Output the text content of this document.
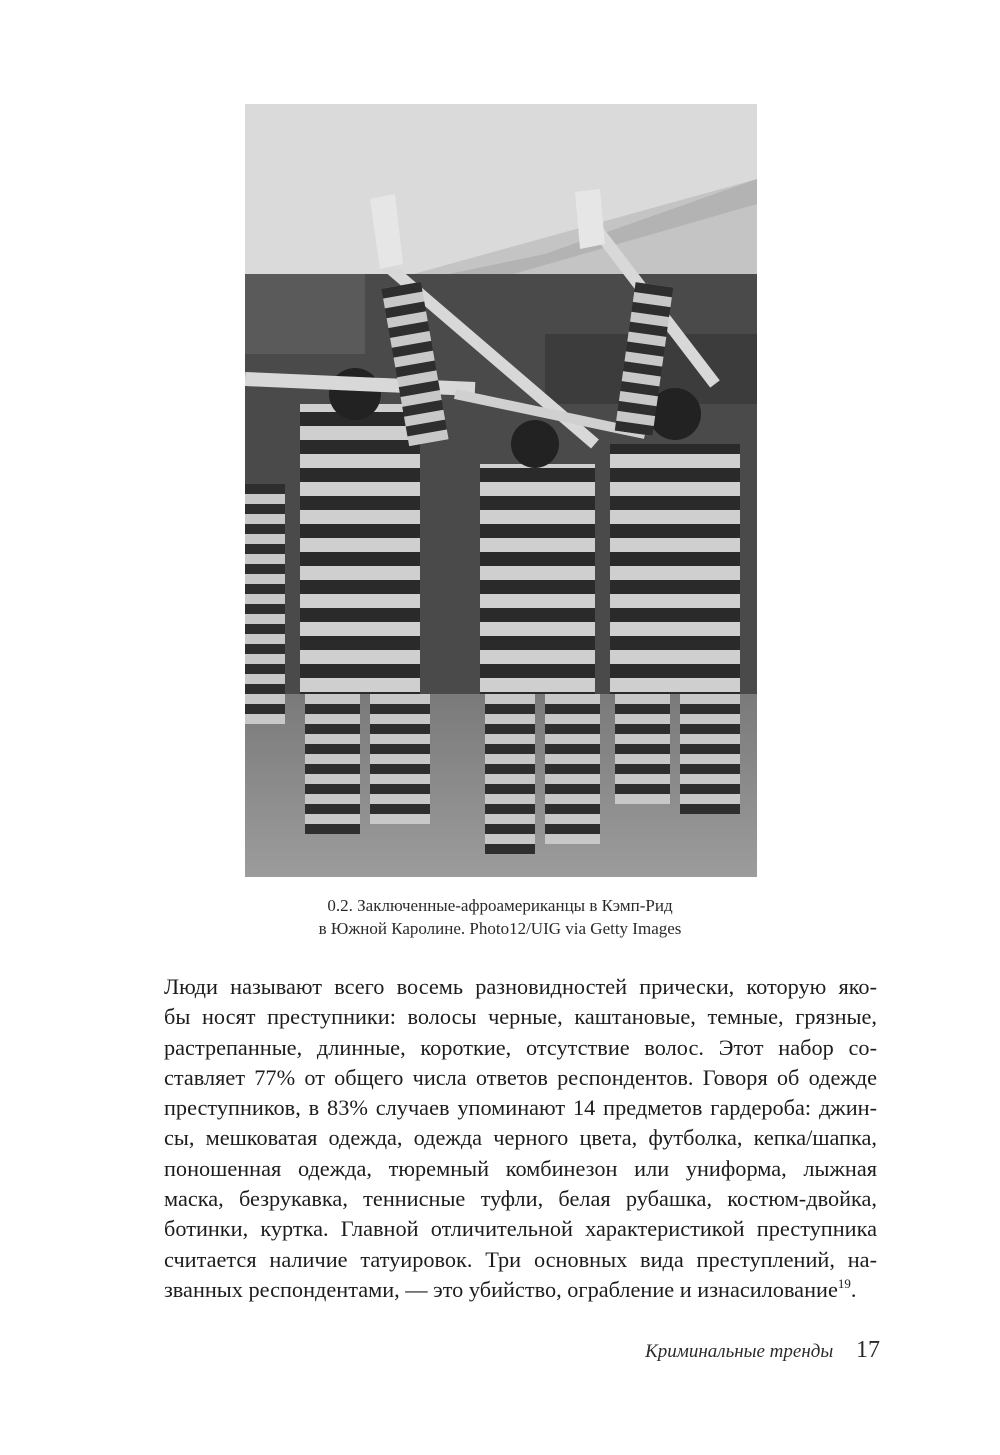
0.2. Заключенные-афроамериканцы в Кэмп-Рид
в Южной Каролине. Photo12/UIG via Getty Images
Люди называют всего восемь разновидностей прически, которую яко-
бы носят преступники: волосы черные, каштановые, темные, грязные,
растрепанные, длинные, короткие, отсутствие волос. Этот набор со-
ставляет 77% от общего числа ответов респондентов. Говоря об одежде
преступников, в 83% случаев упоминают 14 предметов гардероба: джин-
сы, мешковатая одежда, одежда черного цвета, футболка, кепка/шапка,
поношенная одежда, тюремный комбинезон или униформа, лыжная
маска, безрукавка, теннисные туфли, белая рубашка, костюм-двойка,
ботинки, куртка. Главной отличительной характеристикой преступника
считается наличие татуировок. Три основных вида преступлений, на-
званных респондентами, — это убийство, ограбление и изнасилование$^{19}$.
Криминальные тренды 17
